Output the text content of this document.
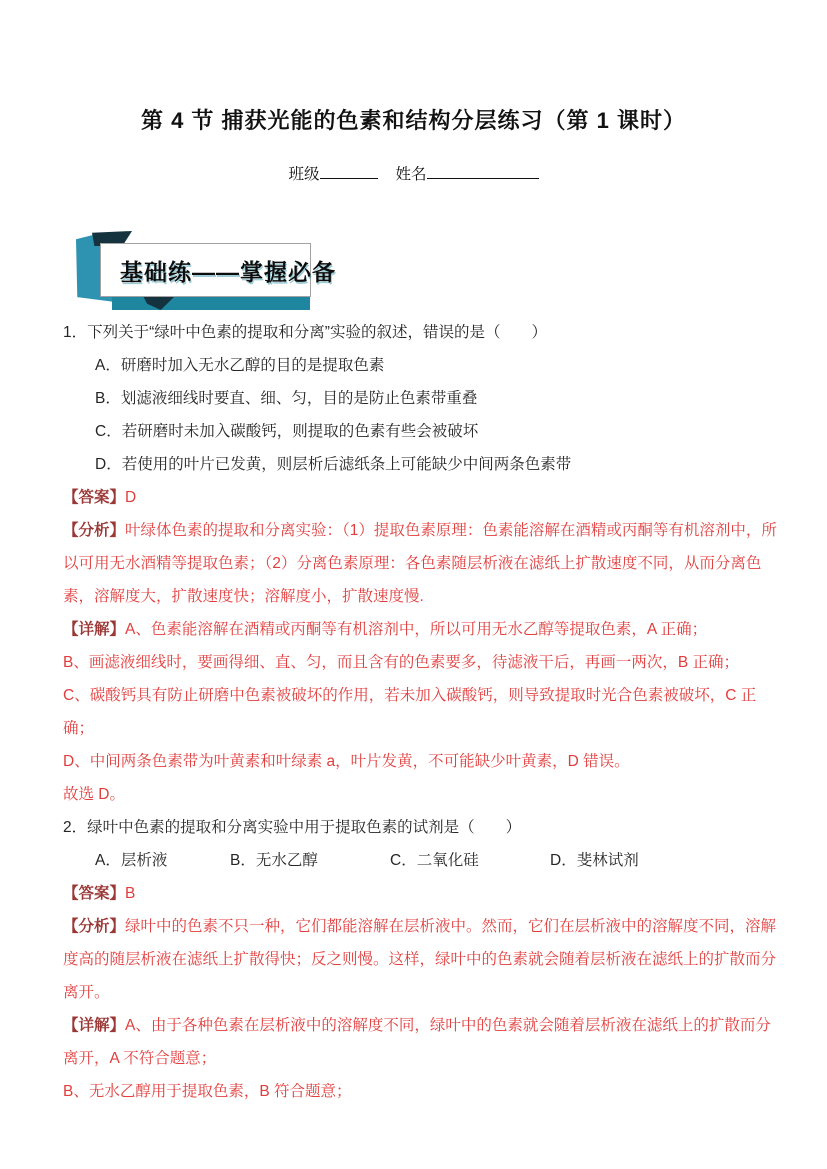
第 4 节 捕获光能的色素和结构分层练习（第 1 课时）
班级	姓名
基础练——掌握必备

1．下列关于“绿叶中色素的提取和分离”实验的叙述，错误的是（　　）

A．研磨时加入无水乙醇的目的是提取色素

B．划滤液细线时要直、细、匀，目的是防止色素带重叠

C．若研磨时未加入碳酸钙，则提取的色素有些会被破坏

D．若使用的叶片已发黄，则层析后滤纸条上可能缺少中间两条色素带

【答案】D

【分析】叶绿体色素的提取和分离实验：（1）提取色素原理：色素能溶解在酒精或丙酮等有机溶剂中，所以可用无水酒精等提取色素；（2）分离色素原理：各色素随层析液在滤纸上扩散速度不同，从而分离色素，溶解度大，扩散速度快；溶解度小，扩散速度慢.

【详解】A、色素能溶解在酒精或丙酮等有机溶剂中，所以可用无水乙醇等提取色素，A 正确；

B、画滤液细线时，要画得细、直、匀，而且含有的色素要多，待滤液干后，再画一两次，B 正确；

C、碳酸钙具有防止研磨中色素被破坏的作用，若未加入碳酸钙，则导致提取时光合色素被破坏，C 正确；

D、中间两条色素带为叶黄素和叶绿素 a，叶片发黄，不可能缺少叶黄素，D 错误。

故选 D。

2．绿叶中色素的提取和分离实验中用于提取色素的试剂是（　　）

A．层析液	B．无水乙醇	C．二氧化硅	D．斐林试剂

【答案】B

【分析】绿叶中的色素不只一种，它们都能溶解在层析液中。然而，它们在层析液中的溶解度不同，溶解度高的随层析液在滤纸上扩散得快；反之则慢。这样，绿叶中的色素就会随着层析液在滤纸上的扩散而分离开。

【详解】A、由于各种色素在层析液中的溶解度不同，绿叶中的色素就会随着层析液在滤纸上的扩散而分离开，A 不符合题意；

B、无水乙醇用于提取色素，B 符合题意；
